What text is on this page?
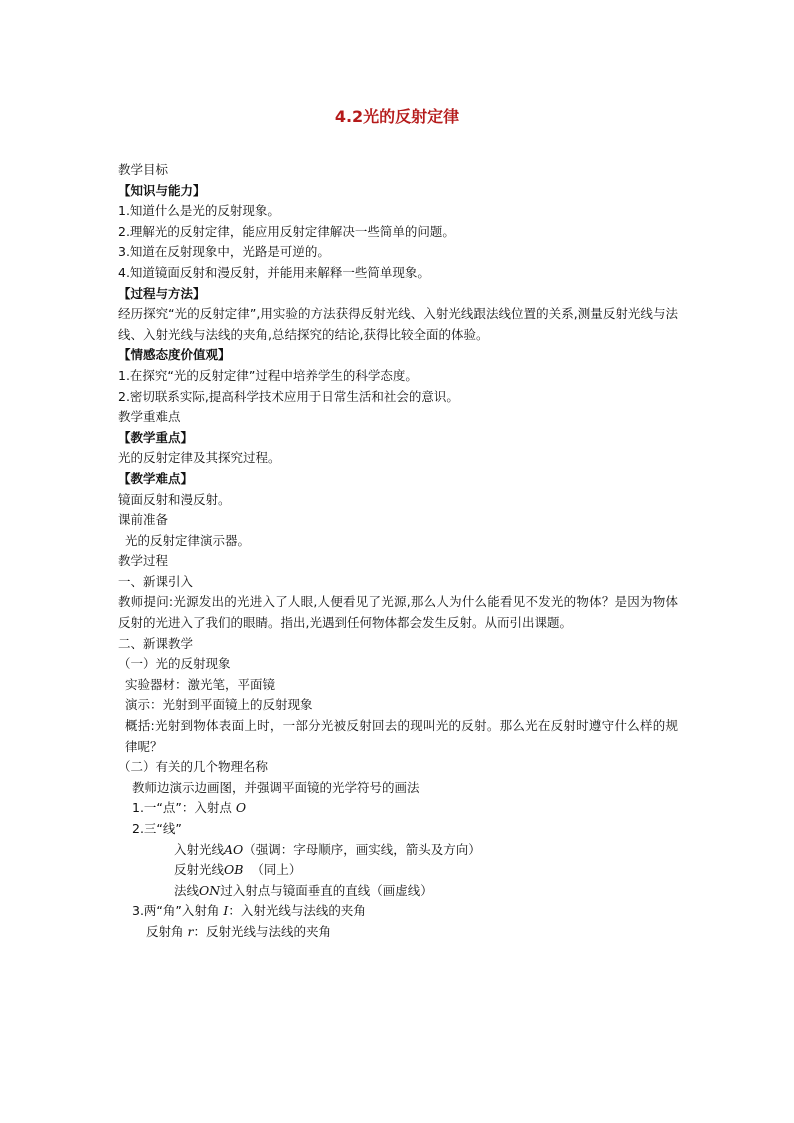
4.2光的反射定律
教学目标
【知识与能力】
1.知道什么是光的反射现象。
2.理解光的反射定律，能应用反射定律解决一些简单的问题。
3.知道在反射现象中，光路是可逆的。
4.知道镜面反射和漫反射，并能用来解释一些简单现象。
【过程与方法】
经历探究“光的反射定律”,用实验的方法获得反射光线、入射光线跟法线位置的关系,测量反射光线与法线、入射光线与法线的夹角,总结探究的结论,获得比较全面的体验。
【情感态度价值观】
1.在探究“光的反射定律”过程中培养学生的科学态度。
2.密切联系实际,提高科学技术应用于日常生活和社会的意识。
教学重难点
【教学重点】
光的反射定律及其探究过程。
【教学难点】
镜面反射和漫反射。
课前准备
光的反射定律演示器。
教学过程
一、新课引入
教师提问:光源发出的光进入了人眼,人便看见了光源,那么人为什么能看见不发光的物体？是因为物体反射的光进入了我们的眼睛。指出,光遇到任何物体都会发生反射。从而引出课题。
二、新课教学
（一）光的反射现象
实验器材：激光笔，平面镜
演示：光射到平面镜上的反射现象
概括:光射到物体表面上时，一部分光被反射回去的现叫光的反射。那么光在反射时遵守什么样的规律呢？
（二）有关的几个物理名称
教师边演示边画图，并强调平面镜的光学符号的画法
1.一“点”：入射点 O
2.三“线”
入射光线AO（强调：字母顺序，画实线，箭头及方向）
反射光线OB （同上）
法线ON过入射点与镜面垂直的直线（画虚线）
3.两“角”入射角 I：入射光线与法线的夹角
反射角 r：反射光线与法线的夹角
